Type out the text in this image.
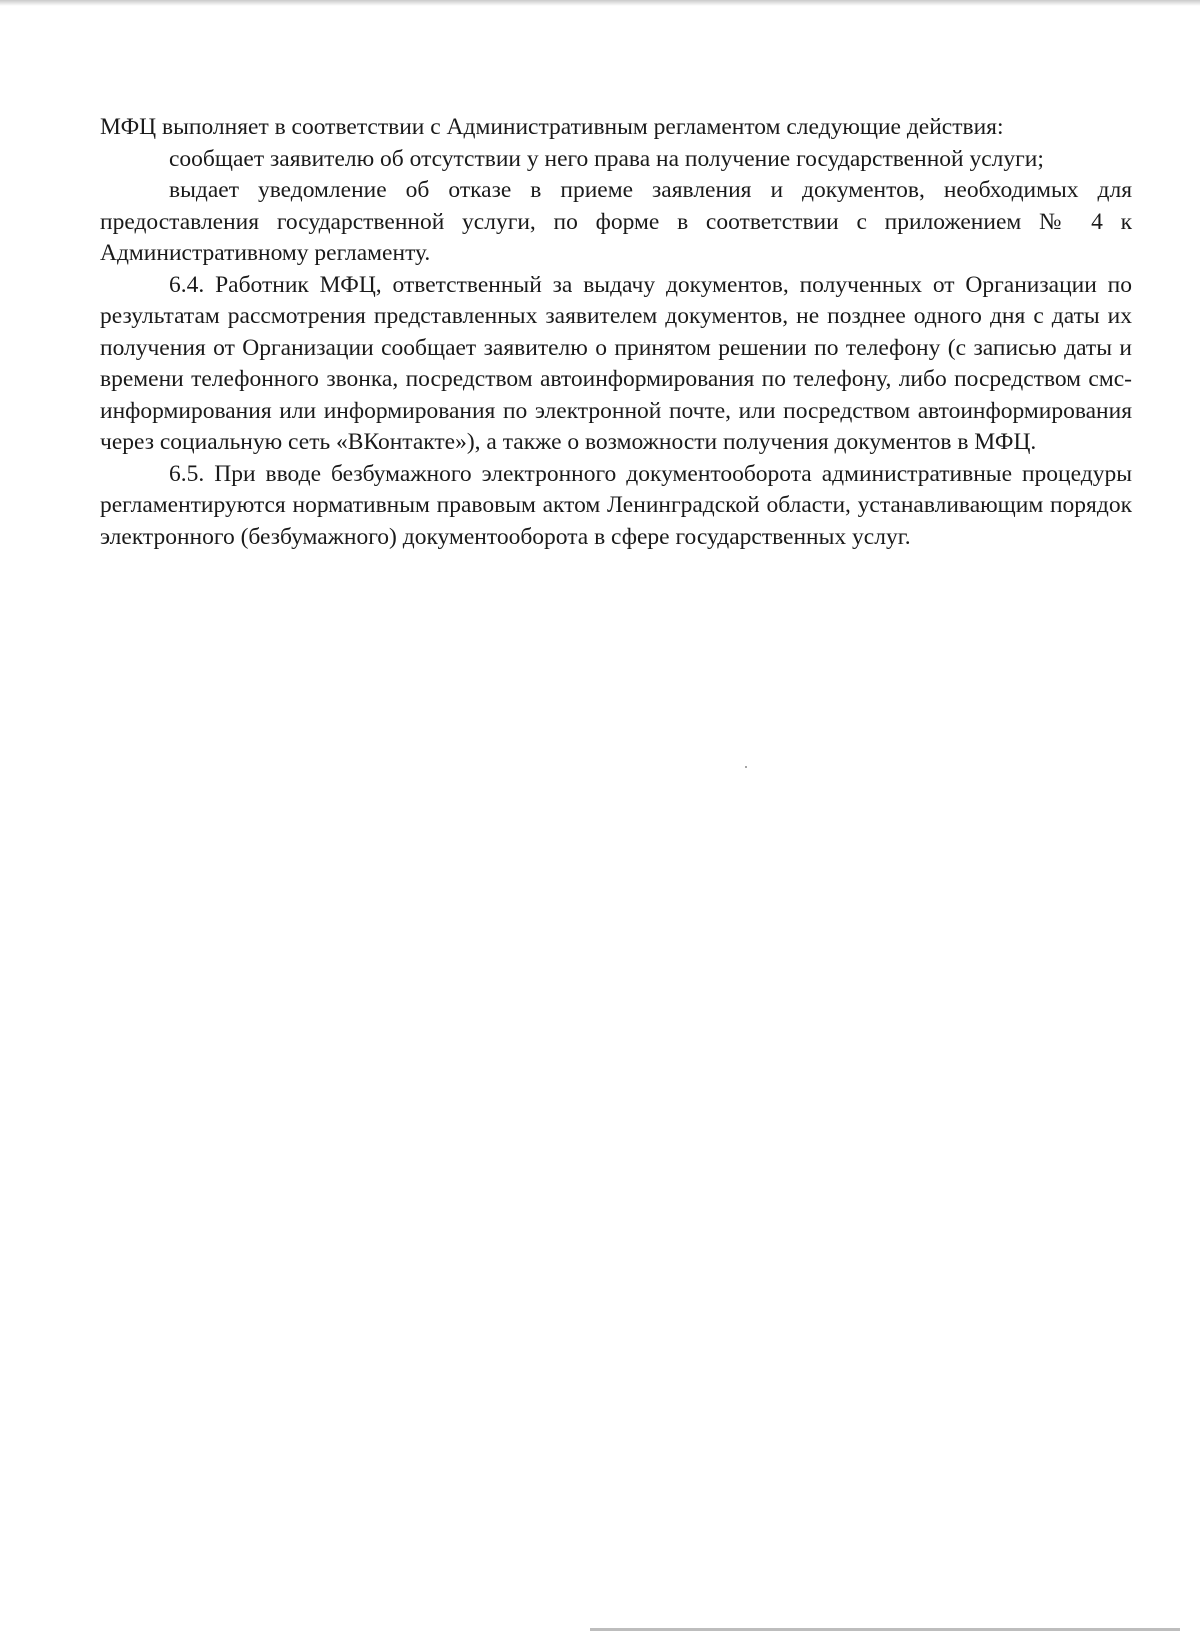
МФЦ выполняет в соответствии с Административным регламентом следующие действия:

сообщает заявителю об отсутствии у него права на получение государственной услуги;

выдает уведомление об отказе в приеме заявления и документов, необходимых для предоставления государственной услуги, по форме в соответствии с приложением № 4 к Административному регламенту.

6.4. Работник МФЦ, ответственный за выдачу документов, полученных от Организации по результатам рассмотрения представленных заявителем документов, не позднее одного дня с даты их получения от Организации сообщает заявителю о принятом решении по телефону (с записью даты и времени телефонного звонка, посредством автоинформирования по телефону, либо посредством смс-информирования или информирования по электронной почте, или посредством автоинформирования через социальную сеть «ВКонтакте»), а также о возможности получения документов в МФЦ.

6.5. При вводе безбумажного электронного документооборота административные процедуры регламентируются нормативным правовым актом Ленинградской области, устанавливающим порядок электронного (безбумажного) документооборота в сфере государственных услуг.
